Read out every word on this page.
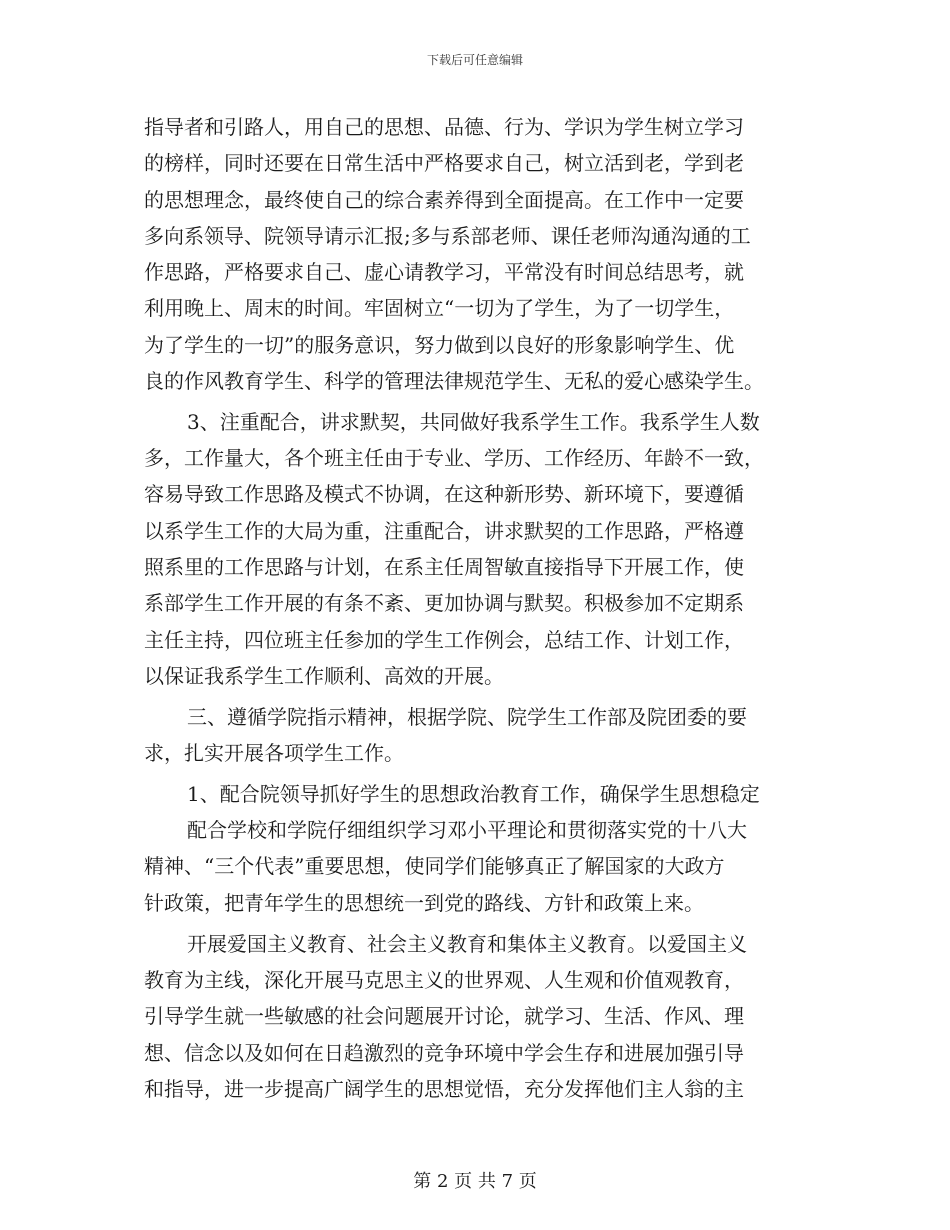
下载后可任意编辑
指导者和引路人，用自己的思想、品德、行为、学识为学生树立学习
的榜样，同时还要在日常生活中严格要求自己，树立活到老，学到老
的思想理念，最终使自己的综合素养得到全面提高。在工作中一定要
多向系领导、院领导请示汇报;多与系部老师、课任老师沟通沟通的工
作思路，严格要求自己、虚心请教学习，平常没有时间总结思考，就
利用晚上、周末的时间。牢固树立“一切为了学生，为了一切学生，
为了学生的一切”的服务意识，努力做到以良好的形象影响学生、优
良的作风教育学生、科学的管理法律规范学生、无私的爱心感染学生。
3、注重配合，讲求默契，共同做好我系学生工作。我系学生人数
多，工作量大，各个班主任由于专业、学历、工作经历、年龄不一致，
容易导致工作思路及模式不协调，在这种新形势、新环境下，要遵循
以系学生工作的大局为重，注重配合，讲求默契的工作思路，严格遵
照系里的工作思路与计划，在系主任周智敏直接指导下开展工作，使
系部学生工作开展的有条不紊、更加协调与默契。积极参加不定期系
主任主持，四位班主任参加的学生工作例会，总结工作、计划工作，
以保证我系学生工作顺利、高效的开展。
三、遵循学院指示精神，根据学院、院学生工作部及院团委的要
求，扎实开展各项学生工作。
1、配合院领导抓好学生的思想政治教育工作，确保学生思想稳定
配合学校和学院仔细组织学习邓小平理论和贯彻落实党的十八大
精神、“三个代表”重要思想，使同学们能够真正了解国家的大政方
针政策，把青年学生的思想统一到党的路线、方针和政策上来。
开展爱国主义教育、社会主义教育和集体主义教育。以爱国主义
教育为主线，深化开展马克思主义的世界观、人生观和价值观教育，
引导学生就一些敏感的社会问题展开讨论，就学习、生活、作风、理
想、信念以及如何在日趋激烈的竞争环境中学会生存和进展加强引导
和指导，进一步提高广阔学生的思想觉悟，充分发挥他们主人翁的主
第 2 页 共 7 页
